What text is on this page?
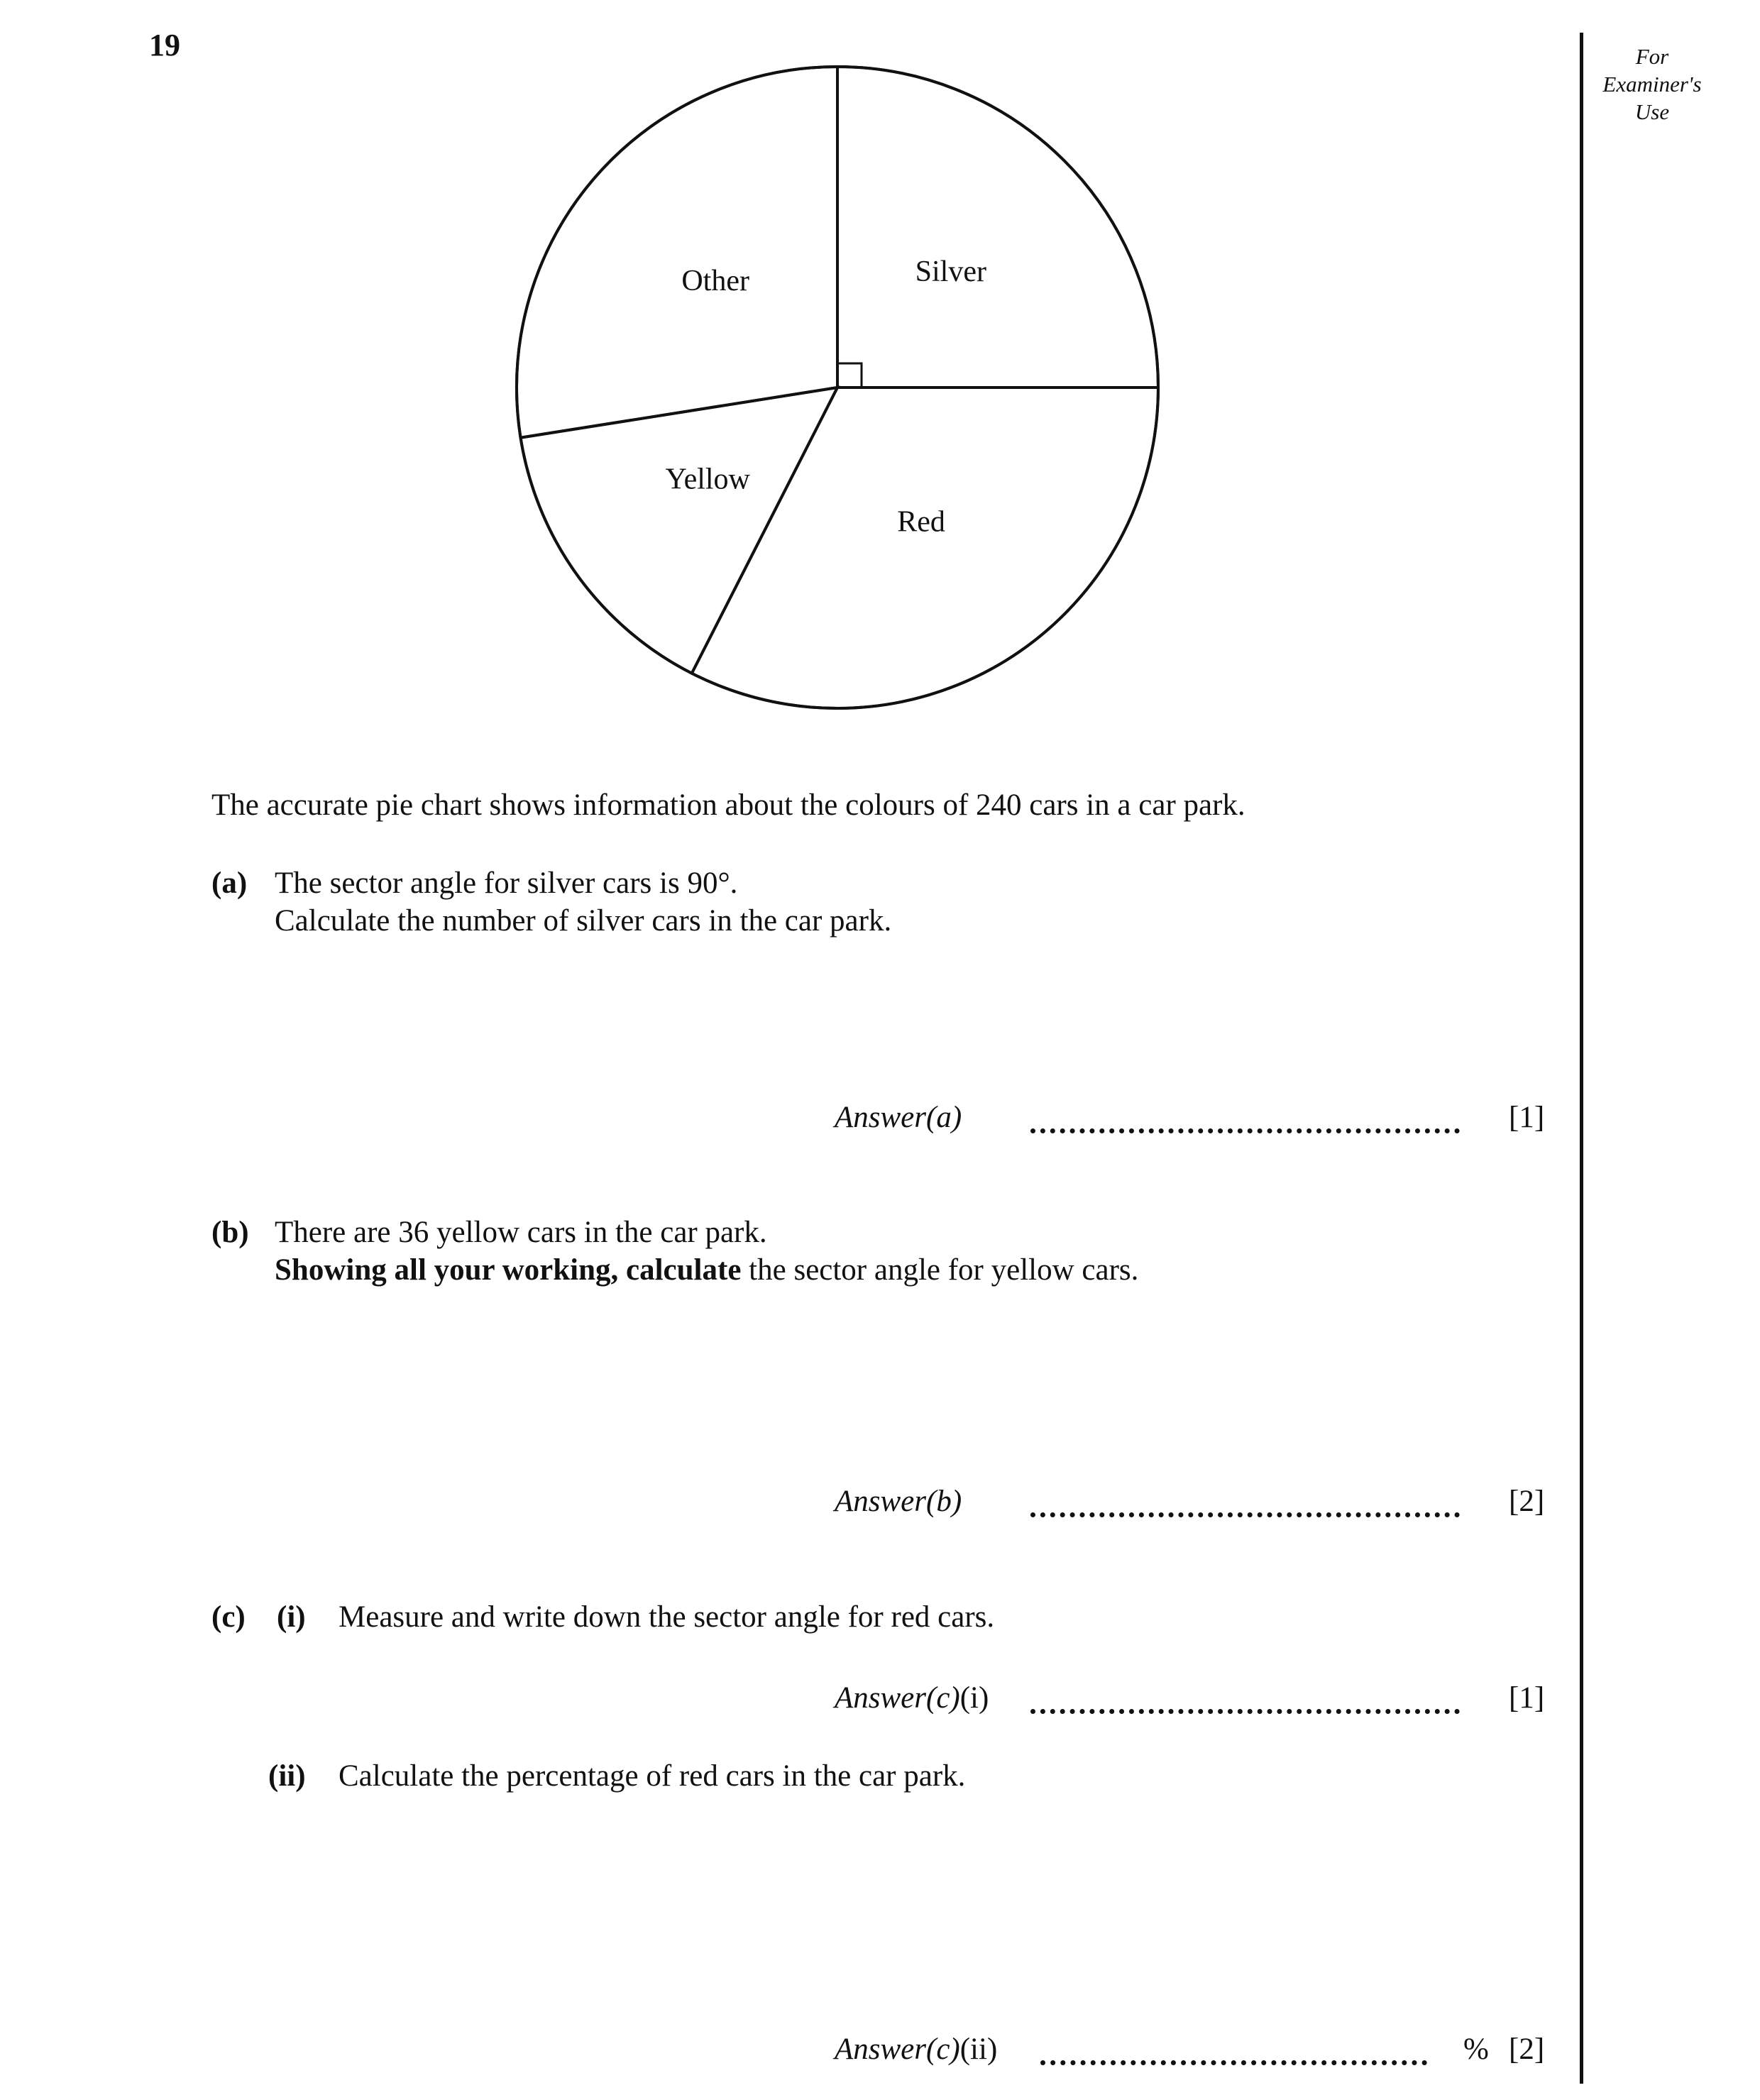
19	For
Examiner's
Use
Silver
Red
Yellow
Other
The accurate pie chart shows information about the colours of 240 cars in a car park.
(a) The sector angle for silver cars is 90°.
Calculate the number of silver cars in the car park.
Answer(a)	[1]
(b) There are 36 yellow cars in the car park.
Showing all your working, calculate the sector angle for yellow cars.
Answer(b)	[2]
(c) (i) Measure and write down the sector angle for red cars.
Answer(c)(i)	[1]
(ii) Calculate the percentage of red cars in the car park.
Answer(c)(ii)	% [2]
